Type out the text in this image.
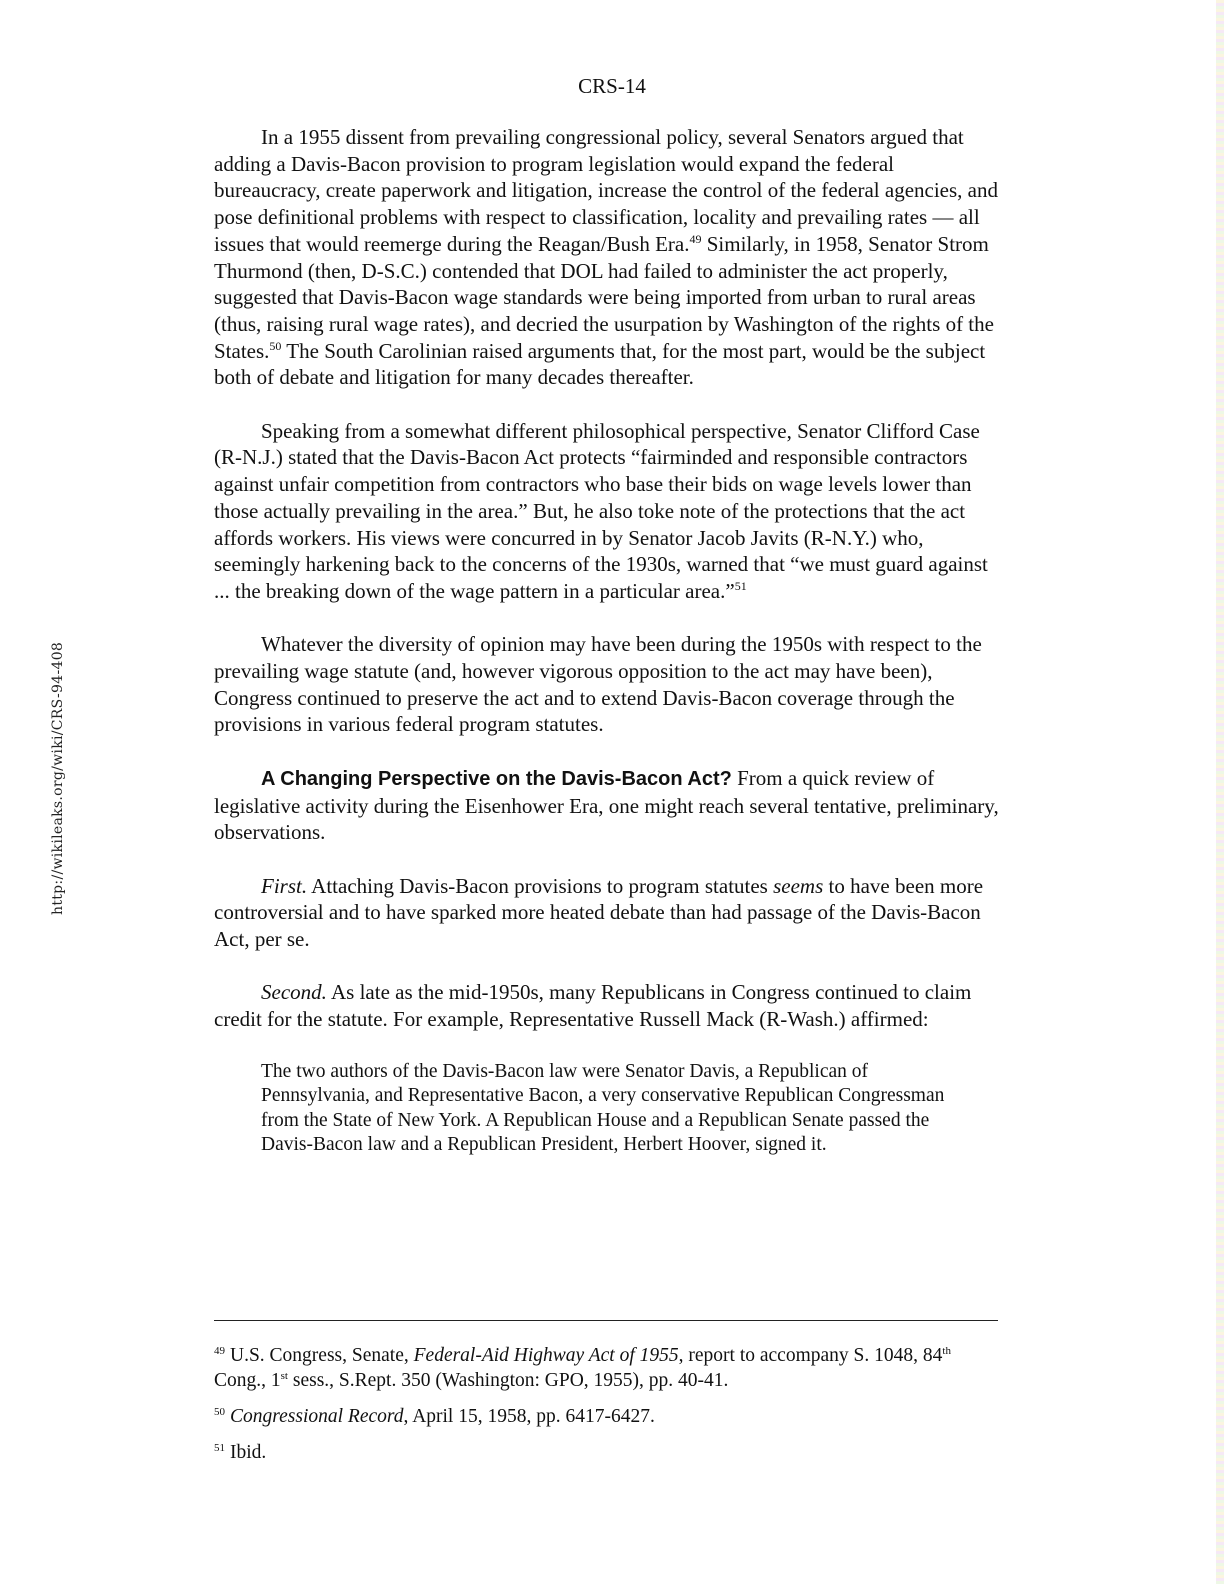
http://wikileaks.org/wiki/CRS-94-408
CRS-14

In a 1955 dissent from prevailing congressional policy, several Senators argued that adding a Davis-Bacon provision to program legislation would expand the federal bureaucracy, create paperwork and litigation, increase the control of the federal agencies, and pose definitional problems with respect to classification, locality and prevailing rates — all issues that would reemerge during the Reagan/Bush Era.$^{49}$ Similarly, in 1958, Senator Strom Thurmond (then, D-S.C.) contended that DOL had failed to administer the act properly, suggested that Davis-Bacon wage standards were being imported from urban to rural areas (thus, raising rural wage rates), and decried the usurpation by Washington of the rights of the States.$^{50}$ The South Carolinian raised arguments that, for the most part, would be the subject both of debate and litigation for many decades thereafter.

Speaking from a somewhat different philosophical perspective, Senator Clifford Case (R-N.J.) stated that the Davis-Bacon Act protects “fairminded and responsible contractors against unfair competition from contractors who base their bids on wage levels lower than those actually prevailing in the area.” But, he also toke note of the protections that the act affords workers. His views were concurred in by Senator Jacob Javits (R-N.Y.) who, seemingly harkening back to the concerns of the 1930s, warned that “we must guard against ... the breaking down of the wage pattern in a particular area.”$^{51}$

Whatever the diversity of opinion may have been during the 1950s with respect to the prevailing wage statute (and, however vigorous opposition to the act may have been), Congress continued to preserve the act and to extend Davis-Bacon coverage through the provisions in various federal program statutes.

A Changing Perspective on the Davis-Bacon Act? From a quick review of legislative activity during the Eisenhower Era, one might reach several tentative, preliminary, observations.

First. Attaching Davis-Bacon provisions to program statutes seems to have been more controversial and to have sparked more heated debate than had passage of the Davis-Bacon Act, per se.

Second. As late as the mid-1950s, many Republicans in Congress continued to claim credit for the statute. For example, Representative Russell Mack (R-Wash.) affirmed:

The two authors of the Davis-Bacon law were Senator Davis, a Republican of Pennsylvania, and Representative Bacon, a very conservative Republican Congressman from the State of New York. A Republican House and a Republican Senate passed the Davis-Bacon law and a Republican President, Herbert Hoover, signed it.

$^{49}$ U.S. Congress, Senate, Federal-Aid Highway Act of 1955, report to accompany S. 1048, 84th Cong., 1st sess., S.Rept. 350 (Washington: GPO, 1955), pp. 40-41.

$^{50}$ Congressional Record, April 15, 1958, pp. 6417-6427.

$^{51}$ Ibid.
